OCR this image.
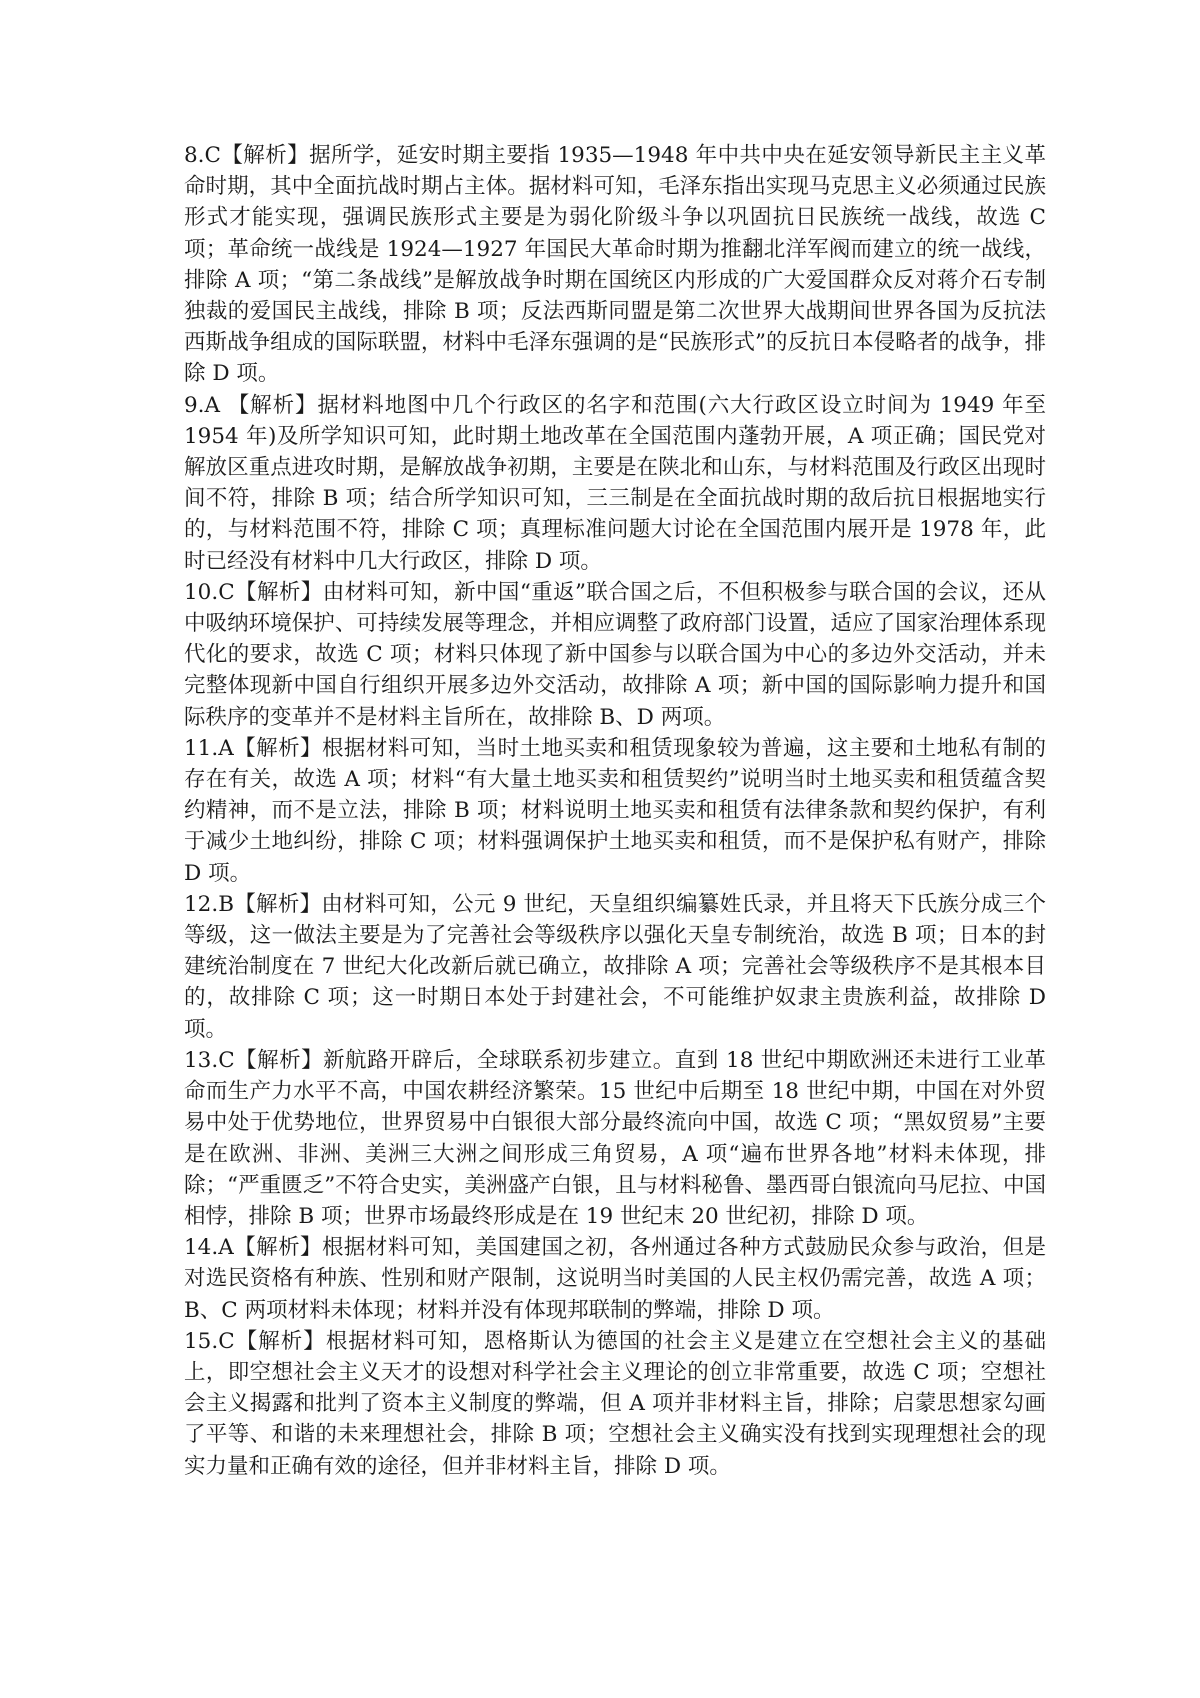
8.C【解析】据所学，延安时期主要指 1935—1948 年中共中央在延安领导新民主主义革命时期，其中全面抗战时期占主体。据材料可知，毛泽东指出实现马克思主义必须通过民族形式才能实现，强调民族形式主要是为弱化阶级斗争以巩固抗日民族统一战线，故选 C 项；革命统一战线是 1924—1927 年国民大革命时期为推翻北洋军阀而建立的统一战线，排除 A 项；“第二条战线”是解放战争时期在国统区内形成的广大爱国群众反对蒋介石专制独裁的爱国民主战线，排除 B 项；反法西斯同盟是第二次世界大战期间世界各国为反抗法西斯战争组成的国际联盟，材料中毛泽东强调的是“民族形式”的反抗日本侵略者的战争，排除 D 项。

9.A 【解析】据材料地图中几个行政区的名字和范围(六大行政区设立时间为 1949 年至 1954 年)及所学知识可知，此时期土地改革在全国范围内蓬勃开展，A 项正确；国民党对解放区重点进攻时期，是解放战争初期，主要是在陕北和山东，与材料范围及行政区出现时间不符，排除 B 项；结合所学知识可知，三三制是在全面抗战时期的敌后抗日根据地实行的，与材料范围不符，排除 C 项；真理标准问题大讨论在全国范围内展开是 1978 年，此时已经没有材料中几大行政区，排除 D 项。

10.C【解析】由材料可知，新中国“重返”联合国之后，不但积极参与联合国的会议，还从中吸纳环境保护、可持续发展等理念，并相应调整了政府部门设置，适应了国家治理体系现代化的要求，故选 C 项；材料只体现了新中国参与以联合国为中心的多边外交活动，并未完整体现新中国自行组织开展多边外交活动，故排除 A 项；新中国的国际影响力提升和国际秩序的变革并不是材料主旨所在，故排除 B、D 两项。

11.A【解析】根据材料可知，当时土地买卖和租赁现象较为普遍，这主要和土地私有制的存在有关，故选 A 项；材料“有大量土地买卖和租赁契约”说明当时土地买卖和租赁蕴含契约精神，而不是立法，排除 B 项；材料说明土地买卖和租赁有法律条款和契约保护，有利于减少土地纠纷，排除 C 项；材料强调保护土地买卖和租赁，而不是保护私有财产，排除 D 项。

12.B【解析】由材料可知，公元 9 世纪，天皇组织编纂姓氏录，并且将天下氏族分成三个等级，这一做法主要是为了完善社会等级秩序以强化天皇专制统治，故选 B 项；日本的封建统治制度在 7 世纪大化改新后就已确立，故排除 A 项；完善社会等级秩序不是其根本目的，故排除 C 项；这一时期日本处于封建社会，不可能维护奴隶主贵族利益，故排除 D 项。

13.C【解析】新航路开辟后，全球联系初步建立。直到 18 世纪中期欧洲还未进行工业革命而生产力水平不高，中国农耕经济繁荣。15 世纪中后期至 18 世纪中期，中国在对外贸易中处于优势地位，世界贸易中白银很大部分最终流向中国，故选 C 项；“黑奴贸易”主要是在欧洲、非洲、美洲三大洲之间形成三角贸易，A 项“遍布世界各地”材料未体现，排除；“严重匮乏”不符合史实，美洲盛产白银，且与材料秘鲁、墨西哥白银流向马尼拉、中国相悖，排除 B 项；世界市场最终形成是在 19 世纪末 20 世纪初，排除 D 项。

14.A【解析】根据材料可知，美国建国之初，各州通过各种方式鼓励民众参与政治，但是对选民资格有种族、性别和财产限制，这说明当时美国的人民主权仍需完善，故选 A 项；B、C 两项材料未体现；材料并没有体现邦联制的弊端，排除 D 项。

15.C【解析】根据材料可知，恩格斯认为德国的社会主义是建立在空想社会主义的基础上，即空想社会主义天才的设想对科学社会主义理论的创立非常重要，故选 C 项；空想社会主义揭露和批判了资本主义制度的弊端，但 A 项并非材料主旨，排除；启蒙思想家勾画了平等、和谐的未来理想社会，排除 B 项；空想社会主义确实没有找到实现理想社会的现实力量和正确有效的途径，但并非材料主旨，排除 D 项。
